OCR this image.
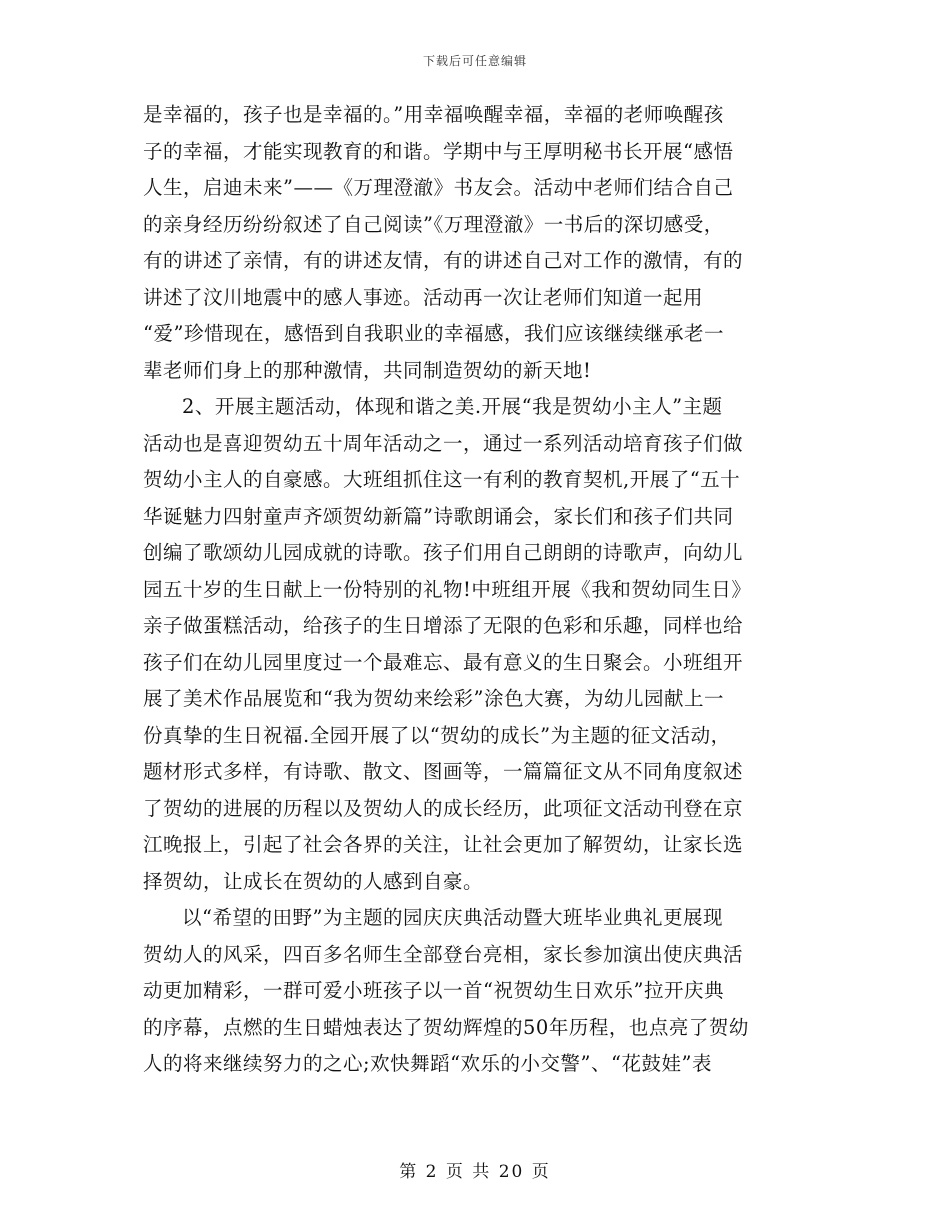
下载后可任意编辑
是幸福的，孩子也是幸福的。”用幸福唤醒幸福，幸福的老师唤醒孩
子的幸福，才能实现教育的和谐。学期中与王厚明秘书长开展“感悟
人生，启迪未来”——《万理澄澈》书友会。活动中老师们结合自己
的亲身经历纷纷叙述了自己阅读”《万理澄澈》一书后的深切感受，
有的讲述了亲情，有的讲述友情，有的讲述自己对工作的激情，有的
讲述了汶川地震中的感人事迹。活动再一次让老师们知道一起用
“爱”珍惜现在，感悟到自我职业的幸福感，我们应该继续继承老一
辈老师们身上的那种激情，共同制造贺幼的新天地!
2、开展主题活动，体现和谐之美.开展“我是贺幼小主人”主题
活动也是喜迎贺幼五十周年活动之一，通过一系列活动培育孩子们做
贺幼小主人的自豪感。大班组抓住这一有利的教育契机,开展了“五十
华诞魅力四射童声齐颂贺幼新篇”诗歌朗诵会，家长们和孩子们共同
创编了歌颂幼儿园成就的诗歌。孩子们用自己朗朗的诗歌声，向幼儿
园五十岁的生日献上一份特别的礼物!中班组开展《我和贺幼同生日》
亲子做蛋糕活动，给孩子的生日增添了无限的色彩和乐趣，同样也给
孩子们在幼儿园里度过一个最难忘、最有意义的生日聚会。小班组开
展了美术作品展览和“我为贺幼来绘彩”涂色大赛，为幼儿园献上一
份真挚的生日祝福.全园开展了以“贺幼的成长”为主题的征文活动，
题材形式多样，有诗歌、散文、图画等，一篇篇征文从不同角度叙述
了贺幼的进展的历程以及贺幼人的成长经历，此项征文活动刊登在京
江晚报上，引起了社会各界的关注，让社会更加了解贺幼，让家长选
择贺幼，让成长在贺幼的人感到自豪。
以“希望的田野”为主题的园庆庆典活动暨大班毕业典礼更展现
贺幼人的风采，四百多名师生全部登台亮相，家长参加演出使庆典活
动更加精彩，一群可爱小班孩子以一首“祝贺幼生日欢乐”拉开庆典
的序幕，点燃的生日蜡烛表达了贺幼辉煌的50年历程，也点亮了贺幼
人的将来继续努力的之心;欢快舞蹈“欢乐的小交警”、“花鼓娃”表
第 2 页 共 20 页
